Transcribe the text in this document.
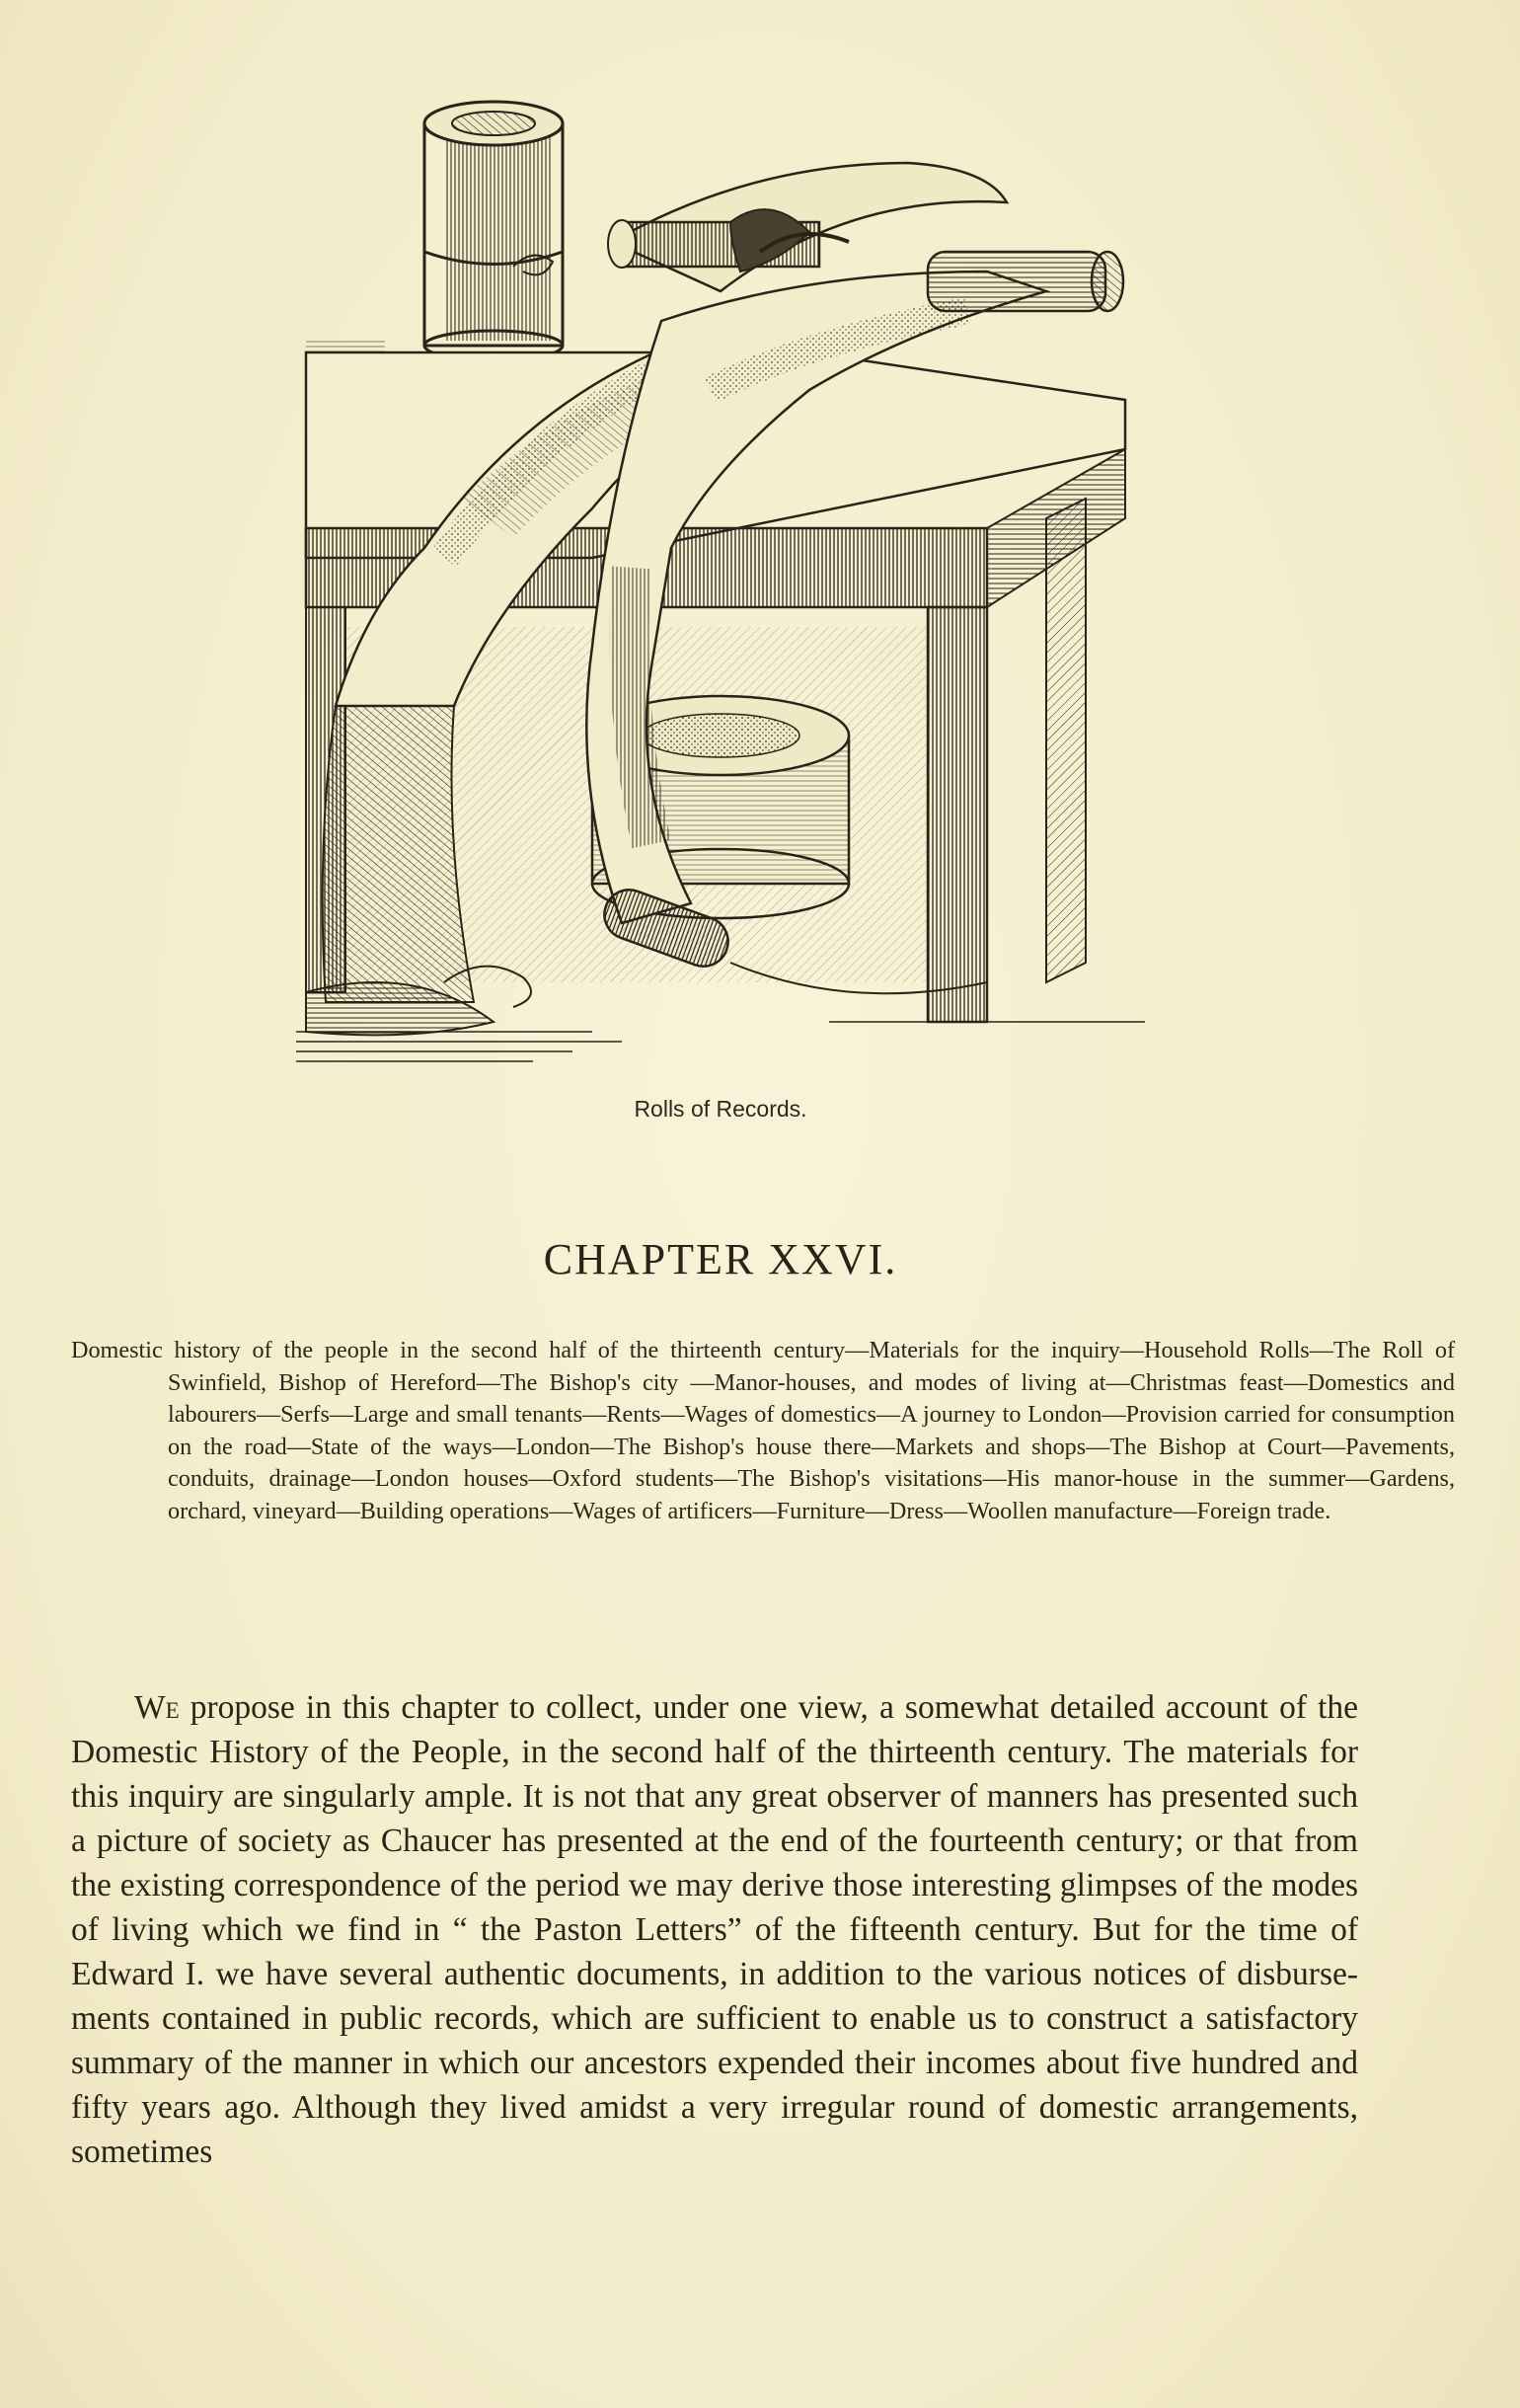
Rolls of Records.
CHAPTER XXVI.
Domestic history of the people in the second half of the thirteenth century—Materials for the inquiry—Household Rolls—The Roll of Swinfield, Bishop of Hereford—The Bishop's city —Manor-houses, and modes of living at—Christmas feast—Domestics and labourers—Serfs—Large and small tenants—Rents—Wages of domestics—A journey to London—Provision carried for consumption on the road—State of the ways—London—The Bishop's house there—Markets and shops—The Bishop at Court—Pavements, conduits, drainage—London houses—Oxford students—The Bishop's visitations—His manor-house in the summer—Gardens, orchard, vineyard—Building operations—Wages of artificers—Furniture—Dress—Woollen manufacture—Foreign trade.
We propose in this chapter to collect, under one view, a somewhat detailed account of the Domestic History of the People, in the second half of the thirteenth century. The materials for this inquiry are singularly ample. It is not that any great observer of manners has presented such a picture of society as Chaucer has presented at the end of the fourteenth century; or that from the existing correspondence of the period we may derive those interesting glimpses of the modes of living which we find in “ the Paston Letters” of the fifteenth century. But for the time of Edward I. we have several authentic documents, in addition to the various notices of disbursements contained in public records, which are sufficient to enable us to construct a satisfactory summary of the manner in which our ancestors expended their incomes about five hundred and fifty years ago. Although they lived amidst a very irregular round of domestic arrangements, sometimes
